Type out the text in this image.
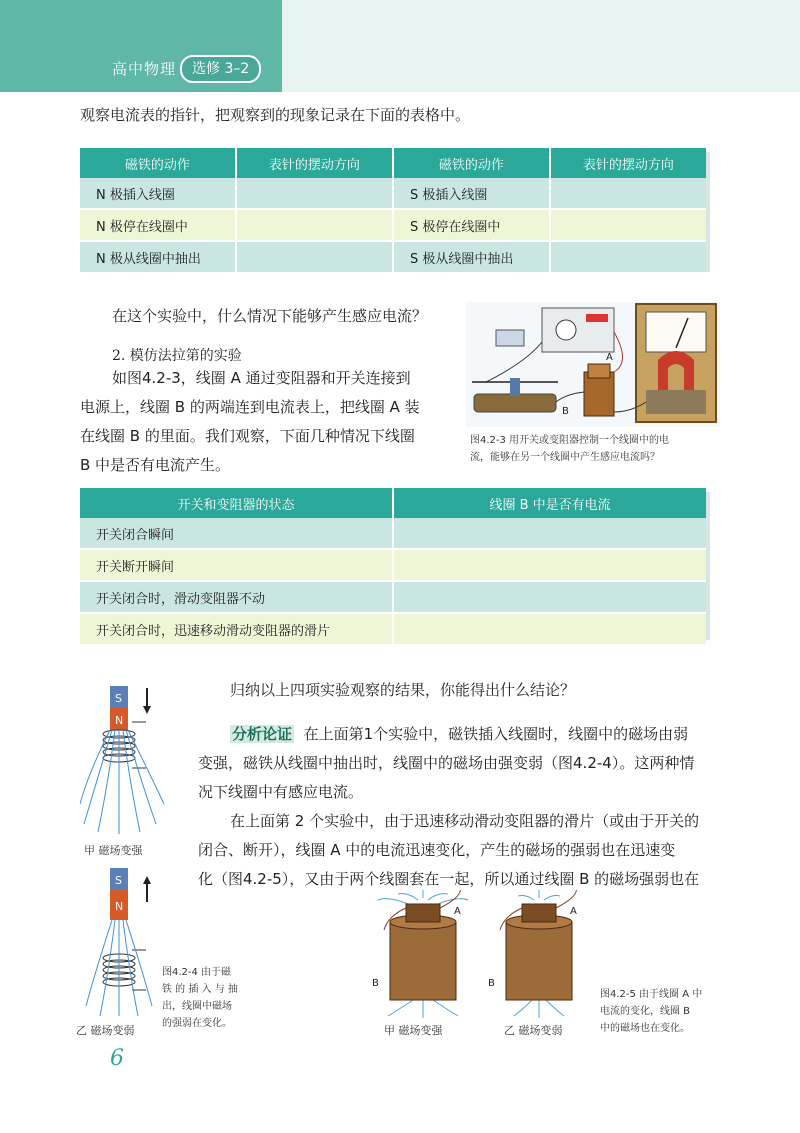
高中物理	选修 3–2
观察电流表的指针，把观察到的现象记录在下面的表格中。
磁铁的动作	表针的摆动方向	磁铁的动作	表针的摆动方向
N 极插入线圈		S 极插入线圈	
N 极停在线圈中		S 极停在线圈中	
N 极从线圈中抽出		S 极从线圈中抽出	
在这个实验中，什么情况下能够产生感应电流？
2. 模仿法拉第的实验
如图4.2-3，线圈 A 通过变阻器和开关连接到
电源上，线圈 B 的两端连到电流表上，把线圈 A 装
在线圈 B 的里面。我们观察，下面几种情况下线圈
B 中是否有电流产生。
A
B
图4.2-3 用开关或变阻器控制一个线圈中的电
流，能够在另一个线圈中产生感应电流吗？
开关和变阻器的状态	线圈 B 中是否有电流
开关闭合瞬间	
开关断开瞬间	
开关闭合时，滑动变阻器不动	
开关闭合时，迅速移动滑动变阻器的滑片	
归纳以上四项实验观察的结果，你能得出什么结论？
分析论证 在上面第1个实验中，磁铁插入线圈时，线圈中的磁场由弱
变强，磁铁从线圈中抽出时，线圈中的磁场由强变弱（图4.2-4）。这两种情
况下线圈中有感应电流。
在上面第 2 个实验中，由于迅速移动滑动变阻器的滑片（或由于开关的
闭合、断开），线圈 A 中的电流迅速变化，产生的磁场的强弱也在迅速变
化（图4.2-5），又由于两个线圈套在一起，所以通过线圈 B 的磁场强弱也在
S
N
甲 磁场变强
S
N
乙 磁场变弱
图4.2-4 由于磁
铁 的 插 入 与 抽
出，线圈中磁场
的强弱在变化。
A
B
甲 磁场变强
A
B
乙 磁场变弱
图4.2-5 由于线圈 A 中
电流的变化，线圈 B
中的磁场也在变化。
6
